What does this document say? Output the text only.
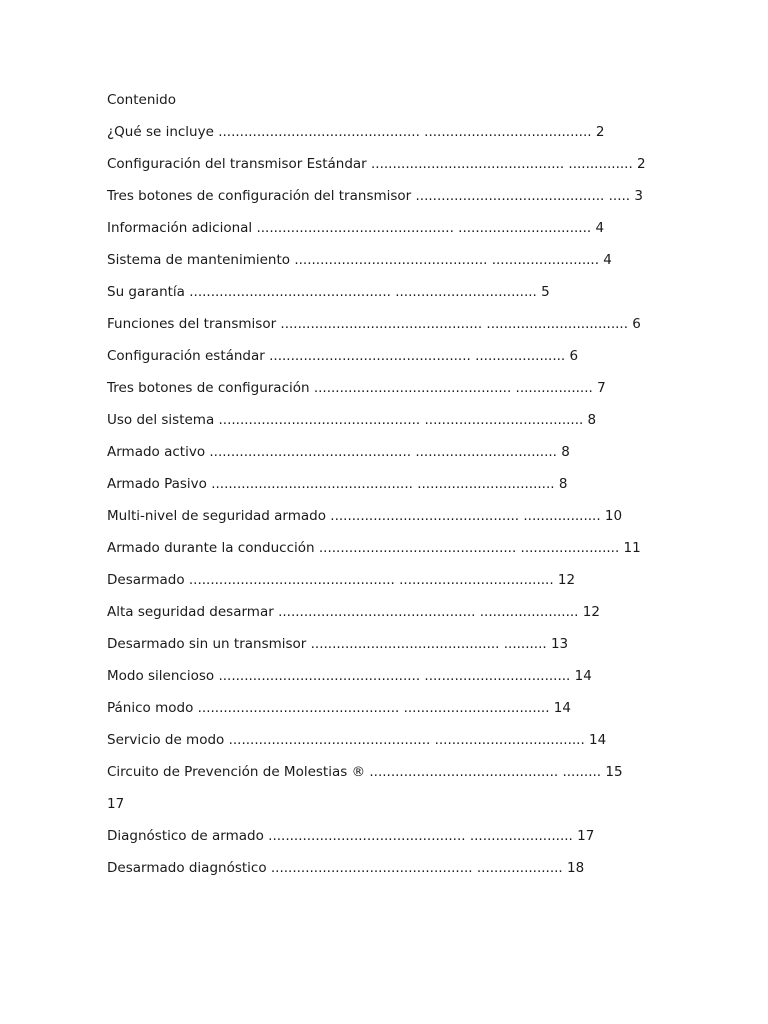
Contenido
¿Qué se incluye ............................................... ....................................... 2
Configuración del transmisor Estándar ............................................. ............... 2
Tres botones de configuración del transmisor ............................................ ..... 3
Información adicional .............................................. ............................... 4
Sistema de mantenimiento ............................................. ......................... 4
Su garantía ............................................... ................................. 5
Funciones del transmisor ............................................... ................................. 6
Configuración estándar ............................................... ..................... 6
Tres botones de configuración .............................................. .................. 7
Uso del sistema ............................................... ..................................... 8
Armado activo ............................................... ................................. 8
Armado Pasivo ............................................... ................................ 8
Multi-nivel de seguridad armado ............................................ .................. 10
Armado durante la conducción .............................................. ....................... 11
Desarmado ................................................ .................................... 12
Alta seguridad desarmar .............................................. ....................... 12
Desarmado sin un transmisor ............................................ .......... 13
Modo silencioso ............................................... .................................. 14
Pánico modo ............................................... .................................. 14
Servicio de modo ............................................... ................................... 14
Circuito de Prevención de Molestias ® ............................................ ......... 15
17
Diagnóstico de armado .............................................. ........................ 17
Desarmado diagnóstico ............................................... .................... 18
